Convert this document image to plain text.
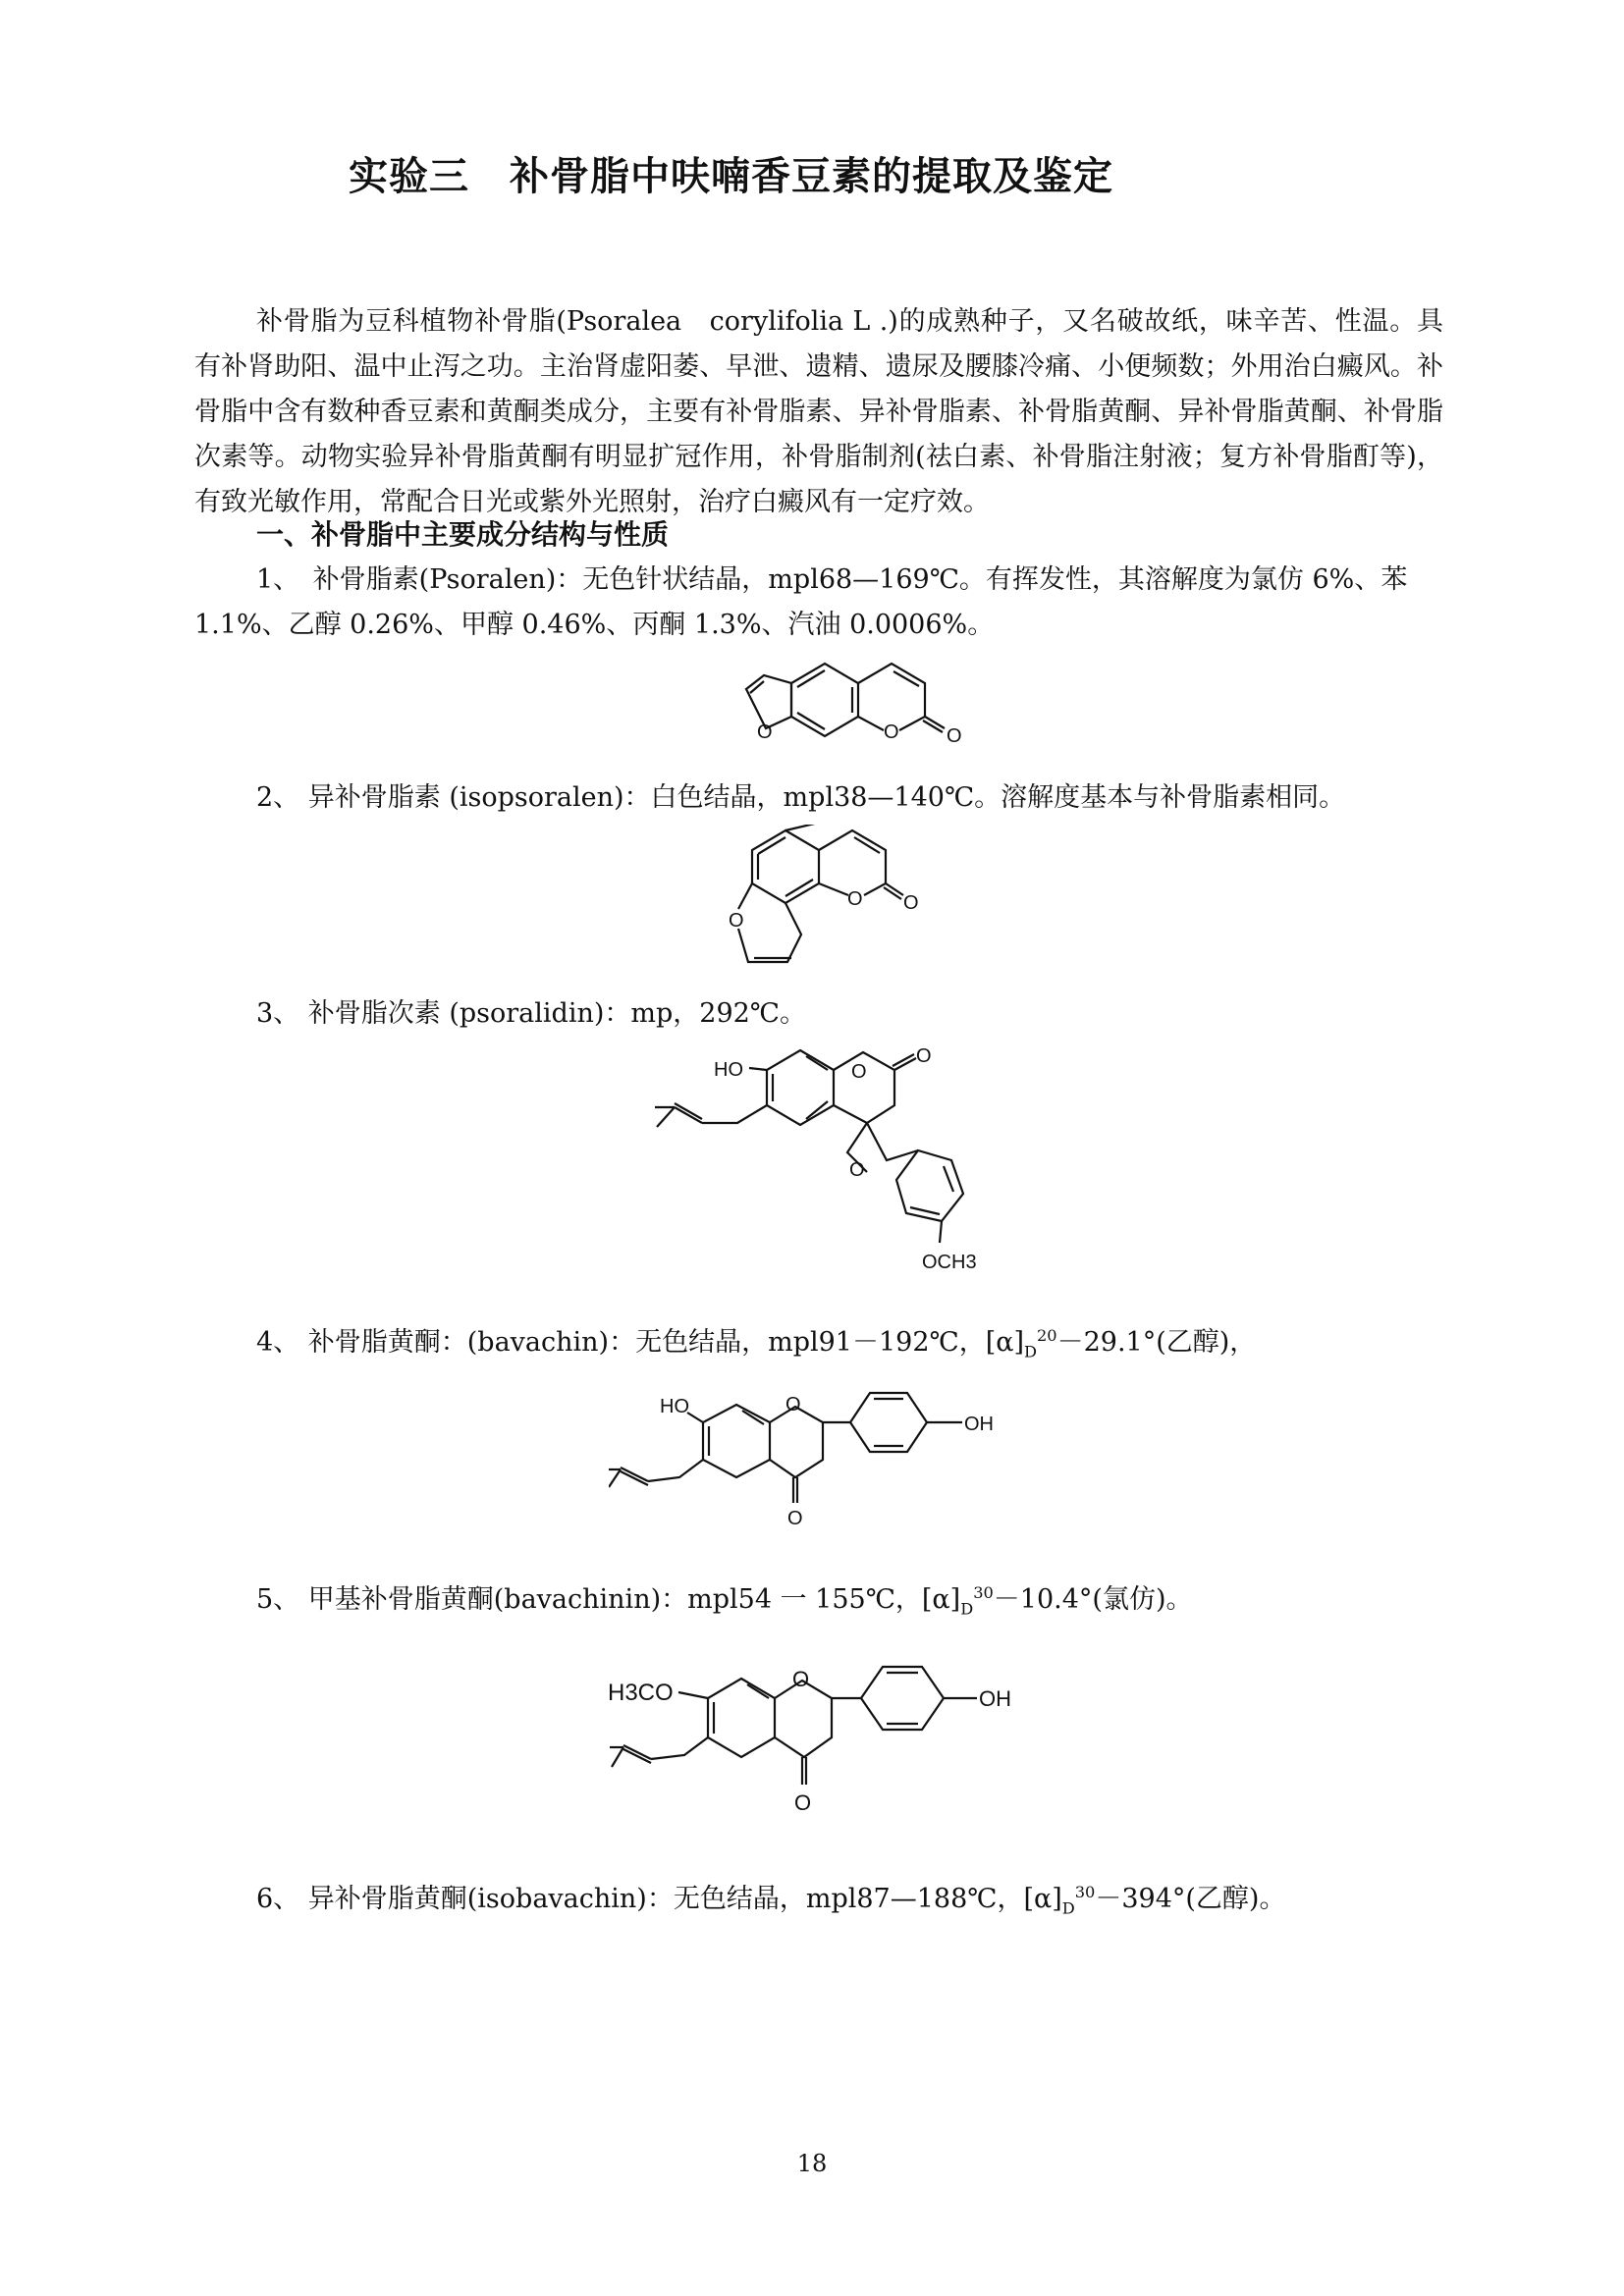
实验三　补骨脂中呋喃香豆素的提取及鉴定

补骨脂为豆科植物补骨脂(Psoralea　corylifolia L .)的成熟种子，又名破故纸，味辛苦、性温。具有补肾助阳、温中止泻之功。主治肾虚阳萎、早泄、遗精、遗尿及腰膝冷痛、小便频数；外用治白癜风。补骨脂中含有数种香豆素和黄酮类成分，主要有补骨脂素、异补骨脂素、补骨脂黄酮、异补骨脂黄酮、补骨脂次素等。动物实验异补骨脂黄酮有明显扩冠作用，补骨脂制剂(祛白素、补骨脂注射液；复方补骨脂酊等)，有致光敏作用，常配合日光或紫外光照射，治疗白癜风有一定疗效。

一、补骨脂中主要成分结构与性质
1、　补骨脂素(Psoralen)：无色针状结晶，mpl68—169℃。有挥发性，其溶解度为氯仿 6%、苯 1.1%、乙醇 0.26%、甲醇 0.46%、丙酮 1.3%、汽油 0.0006%。
O	O O
2、 异补骨脂素 (isopsoralen)：白色结晶，mpl38—140℃。溶解度基本与补骨脂素相同。
O O
O
3、 补骨脂次素 (psoralidin)：mp，292℃。
HO
O
O
O
OCH3
4、 补骨脂黄酮：(bavachin)：无色结晶，mpl91－192℃，$[\alpha]_D^{20}-29.1^\circ$(乙醇)，
HO	O
O
OH
5、 甲基补骨脂黄酮(bavachinin)：mpl54 一 155℃，$[\alpha]_D^{30}-10.4^\circ$(氯仿)。
H3CO
O
O
OH
6、 异补骨脂黄酮(isobavachin)：无色结晶，mpl87—188℃，$[\alpha]_D^{30}-394^\circ$(乙醇)。
18
